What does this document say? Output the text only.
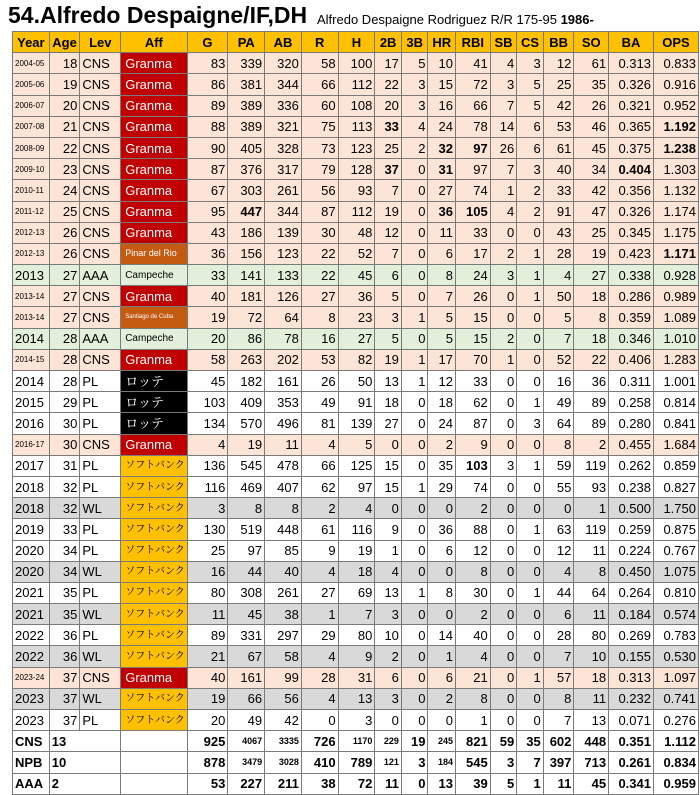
54.Alfredo Despaigne/IF,DH Alfredo Despaigne Rodriguez R/R 175-95 1986-
Year	Age	Lev	Aff	G	PA	AB	R	H	2B	3B	HR	RBI	SB	CS	BB	SO	BA	OPS
2004-05	18	CNS	Granma	83	339	320	58	100	17	5	10	41	4	3	12	61	0.313	0.833
2005-06	19	CNS	Granma	86	381	344	66	112	22	3	15	72	3	5	25	35	0.326	0.916
2006-07	20	CNS	Granma	89	389	336	60	108	20	3	16	66	7	5	42	26	0.321	0.952
2007-08	21	CNS	Granma	88	389	321	75	113	33	4	24	78	14	6	53	46	0.365	1.192
2008-09	22	CNS	Granma	90	405	328	73	123	25	2	32	97	26	6	61	45	0.375	1.238
2009-10	23	CNS	Granma	87	376	317	79	128	37	0	31	97	7	3	40	34	0.404	1.303
2010-11	24	CNS	Granma	67	303	261	56	93	7	0	27	74	1	2	33	42	0.356	1.132
2011-12	25	CNS	Granma	95	447	344	87	112	19	0	36	105	4	2	91	47	0.326	1.174
2012-13	26	CNS	Granma	43	186	139	30	48	12	0	11	33	0	0	43	25	0.345	1.175
2012-13	26	CNS	Pinar del Rio	36	156	123	22	52	7	0	6	17	2	1	28	19	0.423	1.171
2013	27	AAA	Campeche	33	141	133	22	45	6	0	8	24	3	1	4	27	0.338	0.928
2013-14	27	CNS	Granma	40	181	126	27	36	5	0	7	26	0	1	50	18	0.286	0.989
2013-14	27	CNS	Santiago de Cuba	19	72	64	8	23	3	1	5	15	0	0	5	8	0.359	1.089
2014	28	AAA	Campeche	20	86	78	16	27	5	0	5	15	2	0	7	18	0.346	1.010
2014-15	28	CNS	Granma	58	263	202	53	82	19	1	17	70	1	0	52	22	0.406	1.283
2014	28	PL	ロッテ	45	182	161	26	50	13	1	12	33	0	0	16	36	0.311	1.001
2015	29	PL	ロッテ	103	409	353	49	91	18	0	18	62	0	1	49	89	0.258	0.814
2016	30	PL	ロッテ	134	570	496	81	139	27	0	24	87	0	3	64	89	0.280	0.841
2016-17	30	CNS	Granma	4	19	11	4	5	0	0	2	9	0	0	8	2	0.455	1.684
2017	31	PL	ソフトバンク	136	545	478	66	125	15	0	35	103	3	1	59	119	0.262	0.859
2018	32	PL	ソフトバンク	116	469	407	62	97	15	1	29	74	0	0	55	93	0.238	0.827
2018	32	WL	ソフトバンク	3	8	8	2	4	0	0	0	2	0	0	0	1	0.500	1.750
2019	33	PL	ソフトバンク	130	519	448	61	116	9	0	36	88	0	1	63	119	0.259	0.875
2020	34	PL	ソフトバンク	25	97	85	9	19	1	0	6	12	0	0	12	11	0.224	0.767
2020	34	WL	ソフトバンク	16	44	40	4	18	4	0	0	8	0	0	4	8	0.450	1.075
2021	35	PL	ソフトバンク	80	308	261	27	69	13	1	8	30	0	1	44	64	0.264	0.810
2021	35	WL	ソフトバンク	11	45	38	1	7	3	0	0	2	0	0	6	11	0.184	0.574
2022	36	PL	ソフトバンク	89	331	297	29	80	10	0	14	40	0	0	28	80	0.269	0.783
2022	36	WL	ソフトバンク	21	67	58	4	9	2	0	1	4	0	0	7	10	0.155	0.530
2023-24	37	CNS	Granma	40	161	99	28	31	6	0	6	21	0	1	57	18	0.313	1.097
2023	37	WL	ソフトバンク	19	66	56	4	13	3	0	2	8	0	0	8	11	0.232	0.741
2023	37	PL	ソフトバンク	20	49	42	0	3	0	0	0	1	0	0	7	13	0.071	0.276
CNS	13			925	4067	3335	726	1170	229	19	245	821	59	35	602	448	0.351	1.112
NPB	10			878	3479	3028	410	789	121	3	184	545	3	7	397	713	0.261	0.834
AAA	2			53	227	211	38	72	11	0	13	39	5	1	11	45	0.341	0.959
